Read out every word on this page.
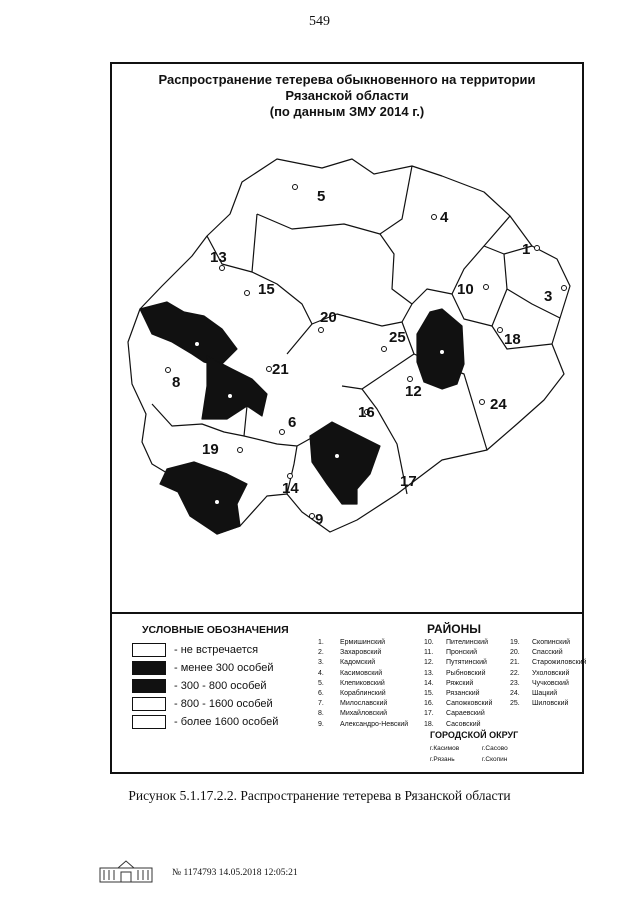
549
Распространение тетерева обыкновенного на территории
Рязанской области
(по данным ЗМУ 2014 г.)
5
4
1
13
15	10	3
20
25	18
21
8
12
24
16
6
19
17
14
9
УСЛОВНЫЕ ОБОЗНАЧЕНИЯ
- не встречается
- менее 300 особей
- 300 - 800 особей
- 800 - 1600 особей
- более 1600 особей
РАЙОНЫ
1.	Ермишинский
2.	Захаровский
3.	Кадомский
4.	Касимовский
5.	Клепиковский
6.	Кораблинский
7.	Милославский
8.	Михайловский
9.	Александро-Невский
10.	Пителинский
11.	Пронский
12.	Путятинский
13.	Рыбновский
14.	Ряжский
15.	Рязанский
16.	Сапожковский
17.	Сараевский
18.	Сасовский
19.	Скопинский
20.	Спасский
21.	Старожиловский
22.	Ухоловский
23.	Чучковский
24.	Шацкий
25.	Шиловский
ГОРОДСКОЙ ОКРУГ
г.Касимов	г.Сасово
г.Рязань	г.Скопин
Рисунок 5.1.17.2.2. Распространение тетерева в Рязанской области
№ 1174793 14.05.2018 12:05:21
